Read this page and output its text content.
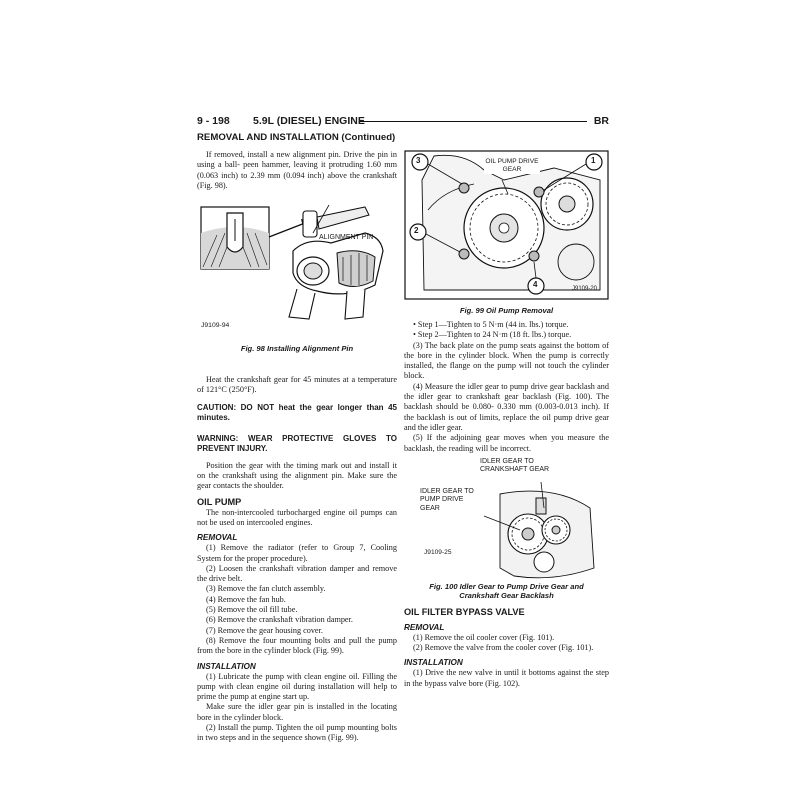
9 - 198 5.9L (DIESEL) ENGINE	BR
REMOVAL AND INSTALLATION (Continued)

If removed, install a new alignment pin. Drive the pin in using a ball- peen hammer, leaving it protruding 1.60 mm (0.063 inch) to 2.39 mm (0.094 inch) above the crankshaft (Fig. 98).

ALIGNMENT PIN
J9109-94
Fig. 98 Installing Alignment Pin

Heat the crankshaft gear for 45 minutes at a temperature of 121°C (250°F).

CAUTION: DO NOT heat the gear longer than 45 minutes.

WARNING: WEAR PROTECTIVE GLOVES TO PREVENT INJURY.

Position the gear with the timing mark out and install it on the crankshaft using the alignment pin. Make sure the gear contacts the shoulder.

OIL PUMP

The non-intercooled turbocharged engine oil pumps can not be used on intercooled engines.

REMOVAL

(1) Remove the radiator (refer to Group 7, Cooling System for the proper procedure).

(2) Loosen the crankshaft vibration damper and remove the drive belt.

(3) Remove the fan clutch assembly.

(4) Remove the fan hub.

(5) Remove the oil fill tube.

(6) Remove the crankshaft vibration damper.

(7) Remove the gear housing cover.

(8) Remove the four mounting bolts and pull the pump from the bore in the cylinder block (Fig. 99).

INSTALLATION

(1) Lubricate the pump with clean engine oil. Filling the pump with clean engine oil during installation will help to prime the pump at engine start up.

Make sure the idler gear pin is installed in the locating bore in the cylinder block.

(2) Install the pump. Tighten the oil pump mounting bolts in two steps and in the sequence shown (Fig. 99).

3	1
2
4
OIL PUMP DRIVE GEAR
J9109-20
Fig. 99 Oil Pump Removal

• Step 1—Tighten to 5 N·m (44 in. lbs.) torque.

• Step 2—Tighten to 24 N·m (18 ft. lbs.) torque.

(3) The back plate on the pump seats against the bottom of the bore in the cylinder block. When the pump is correctly installed, the flange on the pump will not touch the cylinder block.

(4) Measure the idler gear to pump drive gear backlash and the idler gear to crankshaft gear backlash (Fig. 100). The backlash should be 0.080- 0.330 mm (0.003-0.013 inch). If the backlash is out of limits, replace the oil pump drive gear and the idler gear.

(5) If the adjoining gear moves when you measure the backlash, the reading will be incorrect.

IDLER GEAR TO CRANKSHAFT GEAR
IDLER GEAR TO PUMP DRIVE GEAR
J9109-25
Fig. 100 Idler Gear to Pump Drive Gear and
Crankshaft Gear Backlash

OIL FILTER BYPASS VALVE

REMOVAL

(1) Remove the oil cooler cover (Fig. 101).

(2) Remove the valve from the cooler cover (Fig. 101).

INSTALLATION

(1) Drive the new valve in until it bottoms against the step in the bypass valve bore (Fig. 102).
